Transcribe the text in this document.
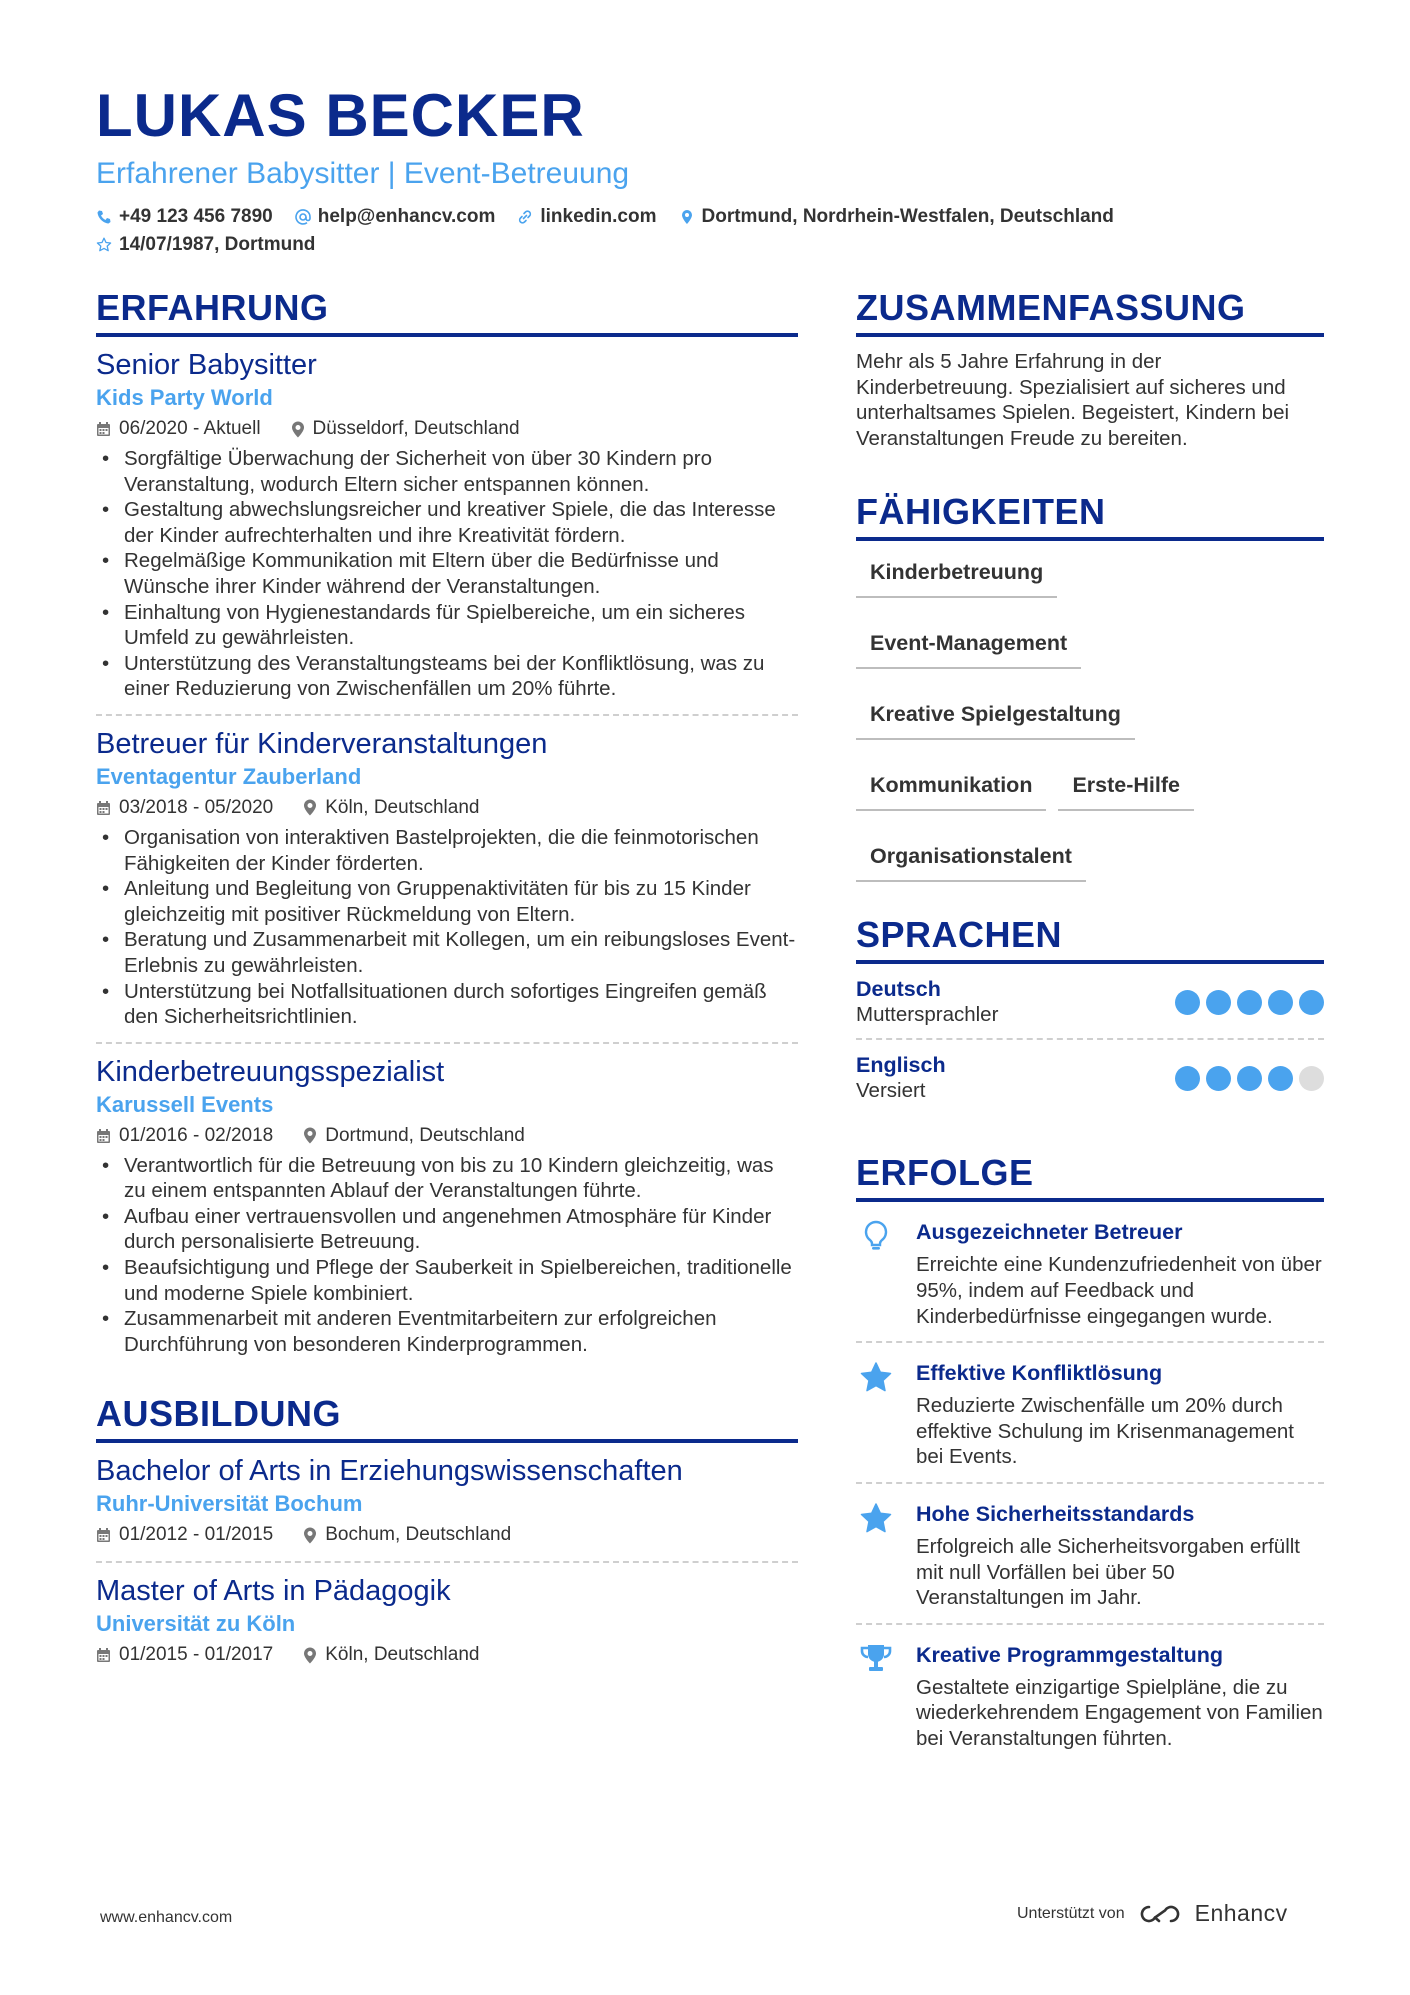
LUKAS BECKER
Erfahrener Babysitter | Event-Betreuung
+49 123 456 7890 help@enhancv.com linkedin.com Dortmund, Nordrhein-Westfalen, Deutschland
14/07/1987, Dortmund
ERFAHRUNG
Senior Babysitter
Kids Party World
06/2020 - Aktuell	Düsseldorf, Deutschland
• Sorgfältige Überwachung der Sicherheit von über 30 Kindern pro Veranstaltung, wodurch Eltern sicher entspannen können.
• Gestaltung abwechslungsreicher und kreativer Spiele, die das Interesse der Kinder aufrechterhalten und ihre Kreativität fördern.
• Regelmäßige Kommunikation mit Eltern über die Bedürfnisse und Wünsche ihrer Kinder während der Veranstaltungen.
• Einhaltung von Hygienestandards für Spielbereiche, um ein sicheres Umfeld zu gewährleisten.
• Unterstützung des Veranstaltungsteams bei der Konfliktlösung, was zu einer Reduzierung von Zwischenfällen um 20% führte.
Betreuer für Kinderveranstaltungen
Eventagentur Zauberland
03/2018 - 05/2020	Köln, Deutschland
• Organisation von interaktiven Bastelprojekten, die die feinmotorischen Fähigkeiten der Kinder förderten.
• Anleitung und Begleitung von Gruppenaktivitäten für bis zu 15 Kinder gleichzeitig mit positiver Rückmeldung von Eltern.
• Beratung und Zusammenarbeit mit Kollegen, um ein reibungsloses Event-Erlebnis zu gewährleisten.
• Unterstützung bei Notfallsituationen durch sofortiges Eingreifen gemäß den Sicherheitsrichtlinien.
Kinderbetreuungsspezialist
Karussell Events
01/2016 - 02/2018	Dortmund, Deutschland
• Verantwortlich für die Betreuung von bis zu 10 Kindern gleichzeitig, was zu einem entspannten Ablauf der Veranstaltungen führte.
• Aufbau einer vertrauensvollen und angenehmen Atmosphäre für Kinder durch personalisierte Betreuung.
• Beaufsichtigung und Pflege der Sauberkeit in Spielbereichen, traditionelle und moderne Spiele kombiniert.
• Zusammenarbeit mit anderen Eventmitarbeitern zur erfolgreichen Durchführung von besonderen Kinderprogrammen.
AUSBILDUNG
Bachelor of Arts in Erziehungswissenschaften
Ruhr-Universität Bochum
01/2012 - 01/2015	Bochum, Deutschland
Master of Arts in Pädagogik
Universität zu Köln
01/2015 - 01/2017	Köln, Deutschland
ZUSAMMENFASSUNG
Mehr als 5 Jahre Erfahrung in der Kinderbetreuung. Spezialisiert auf sicheres und unterhaltsames Spielen. Begeistert, Kindern bei Veranstaltungen Freude zu bereiten.
FÄHIGKEITEN
Kinderbetreuung
Event-Management
Kreative Spielgestaltung
Kommunikation	Erste-Hilfe
Organisationstalent
SPRACHEN
Deutsch
Muttersprachler
Englisch
Versiert
ERFOLGE
Ausgezeichneter Betreuer
Erreichte eine Kundenzufriedenheit von über 95%, indem auf Feedback und Kinderbedürfnisse eingegangen wurde.
Effektive Konfliktlösung
Reduzierte Zwischenfälle um 20% durch effektive Schulung im Krisenmanagement bei Events.
Hohe Sicherheitsstandards
Erfolgreich alle Sicherheitsvorgaben erfüllt mit null Vorfällen bei über 50 Veranstaltungen im Jahr.
Kreative Programmgestaltung
Gestaltete einzigartige Spielpläne, die zu wiederkehrendem Engagement von Familien bei Veranstaltungen führten.
www.enhancv.com	Unterstützt von	Enhancv
